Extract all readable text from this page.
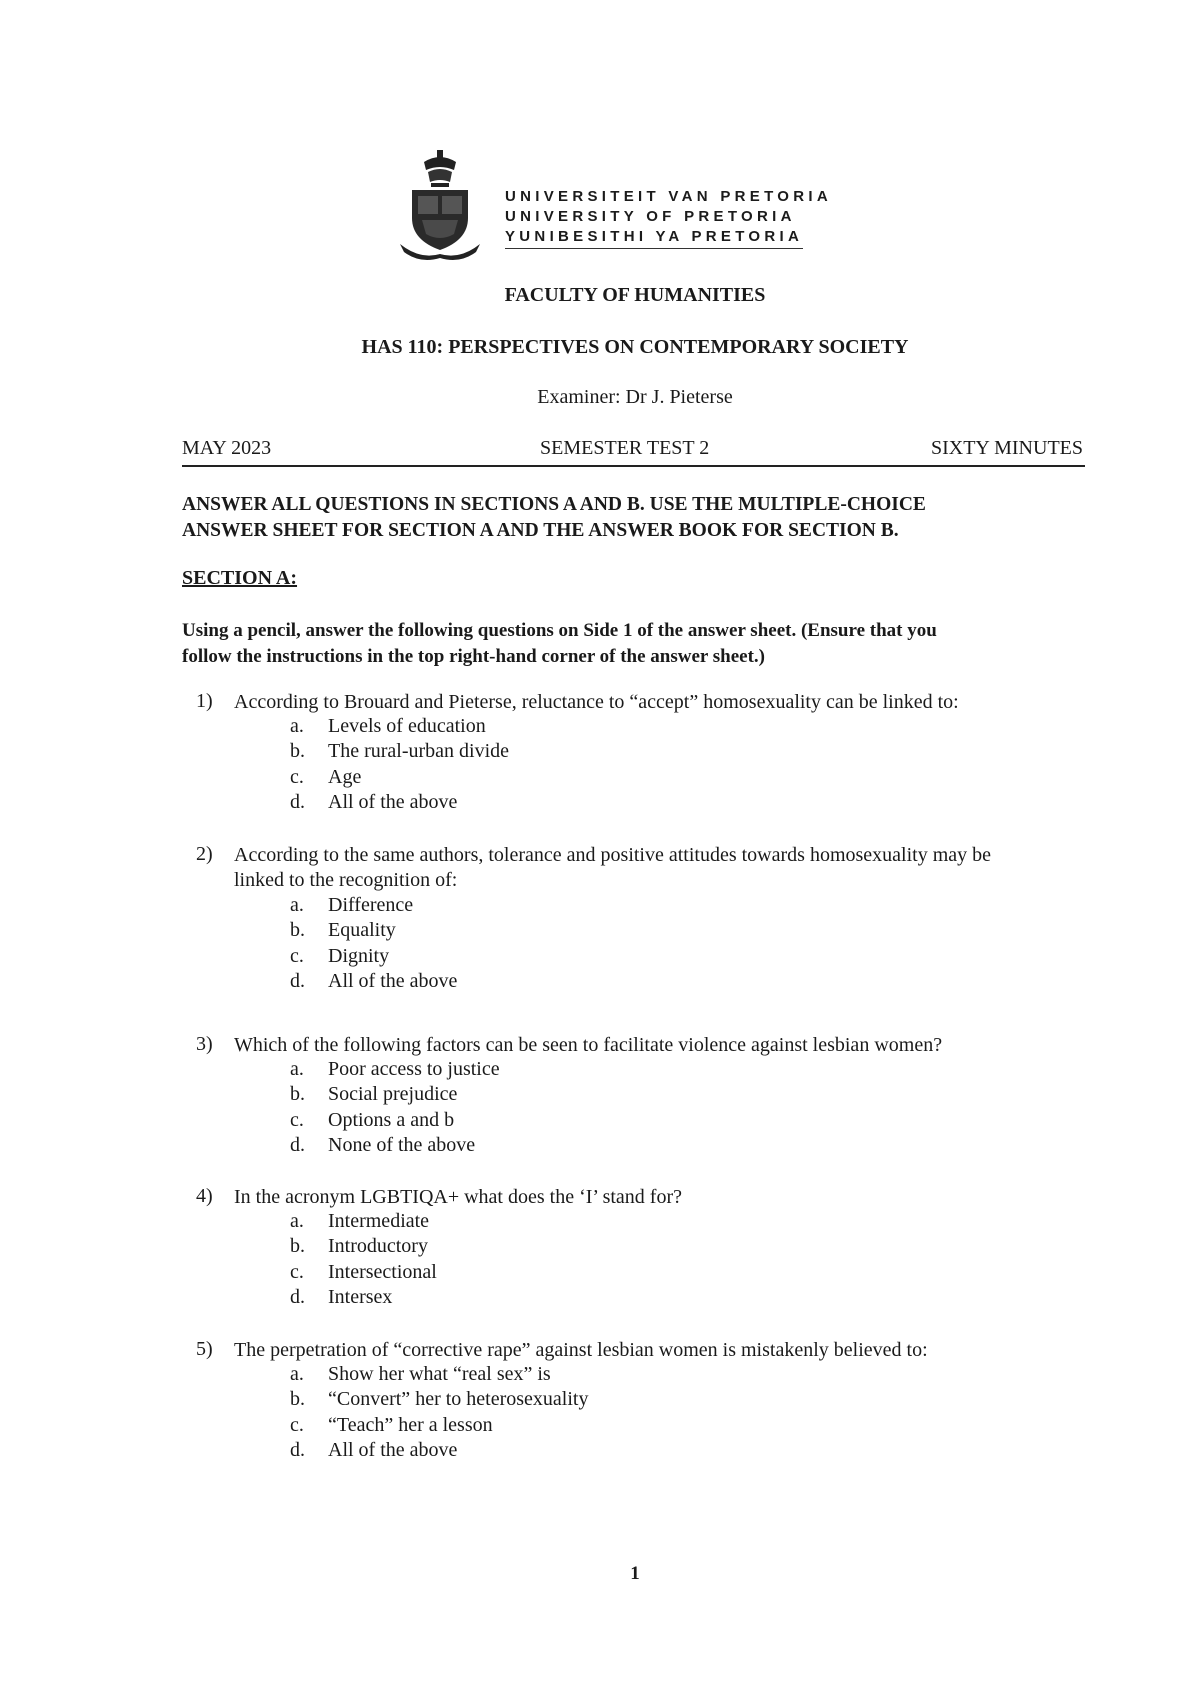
UNIVERSITEIT VAN PRETORIA
UNIVERSITY OF PRETORIA
YUNIBESITHI YA PRETORIA
FACULTY OF HUMANITIES
HAS 110: PERSPECTIVES ON CONTEMPORARY SOCIETY
Examiner: Dr J. Pieterse
MAY 2023	SEMESTER TEST 2	SIXTY MINUTES
ANSWER ALL QUESTIONS IN SECTIONS A AND B. USE THE MULTIPLE-CHOICE
ANSWER SHEET FOR SECTION A AND THE ANSWER BOOK FOR SECTION B.
SECTION A:
Using a pencil, answer the following questions on Side 1 of the answer sheet. (Ensure that you
follow the instructions in the top right-hand corner of the answer sheet.)
1) According to Brouard and Pieterse, reluctance to “accept” homosexuality can be linked to:
a. Levels of education
b. The rural-urban divide
c. Age
d. All of the above
2) According to the same authors, tolerance and positive attitudes towards homosexuality may be
linked to the recognition of:
a. Difference
b. Equality
c. Dignity
d. All of the above
3) Which of the following factors can be seen to facilitate violence against lesbian women?
a. Poor access to justice
b. Social prejudice
c. Options a and b
d. None of the above
4) In the acronym LGBTIQA+ what does the ‘I’ stand for?
a. Intermediate
b. Introductory
c. Intersectional
d. Intersex
5) The perpetration of “corrective rape” against lesbian women is mistakenly believed to:
a. Show her what “real sex” is
b. “Convert” her to heterosexuality
c. “Teach” her a lesson
d. All of the above
1
